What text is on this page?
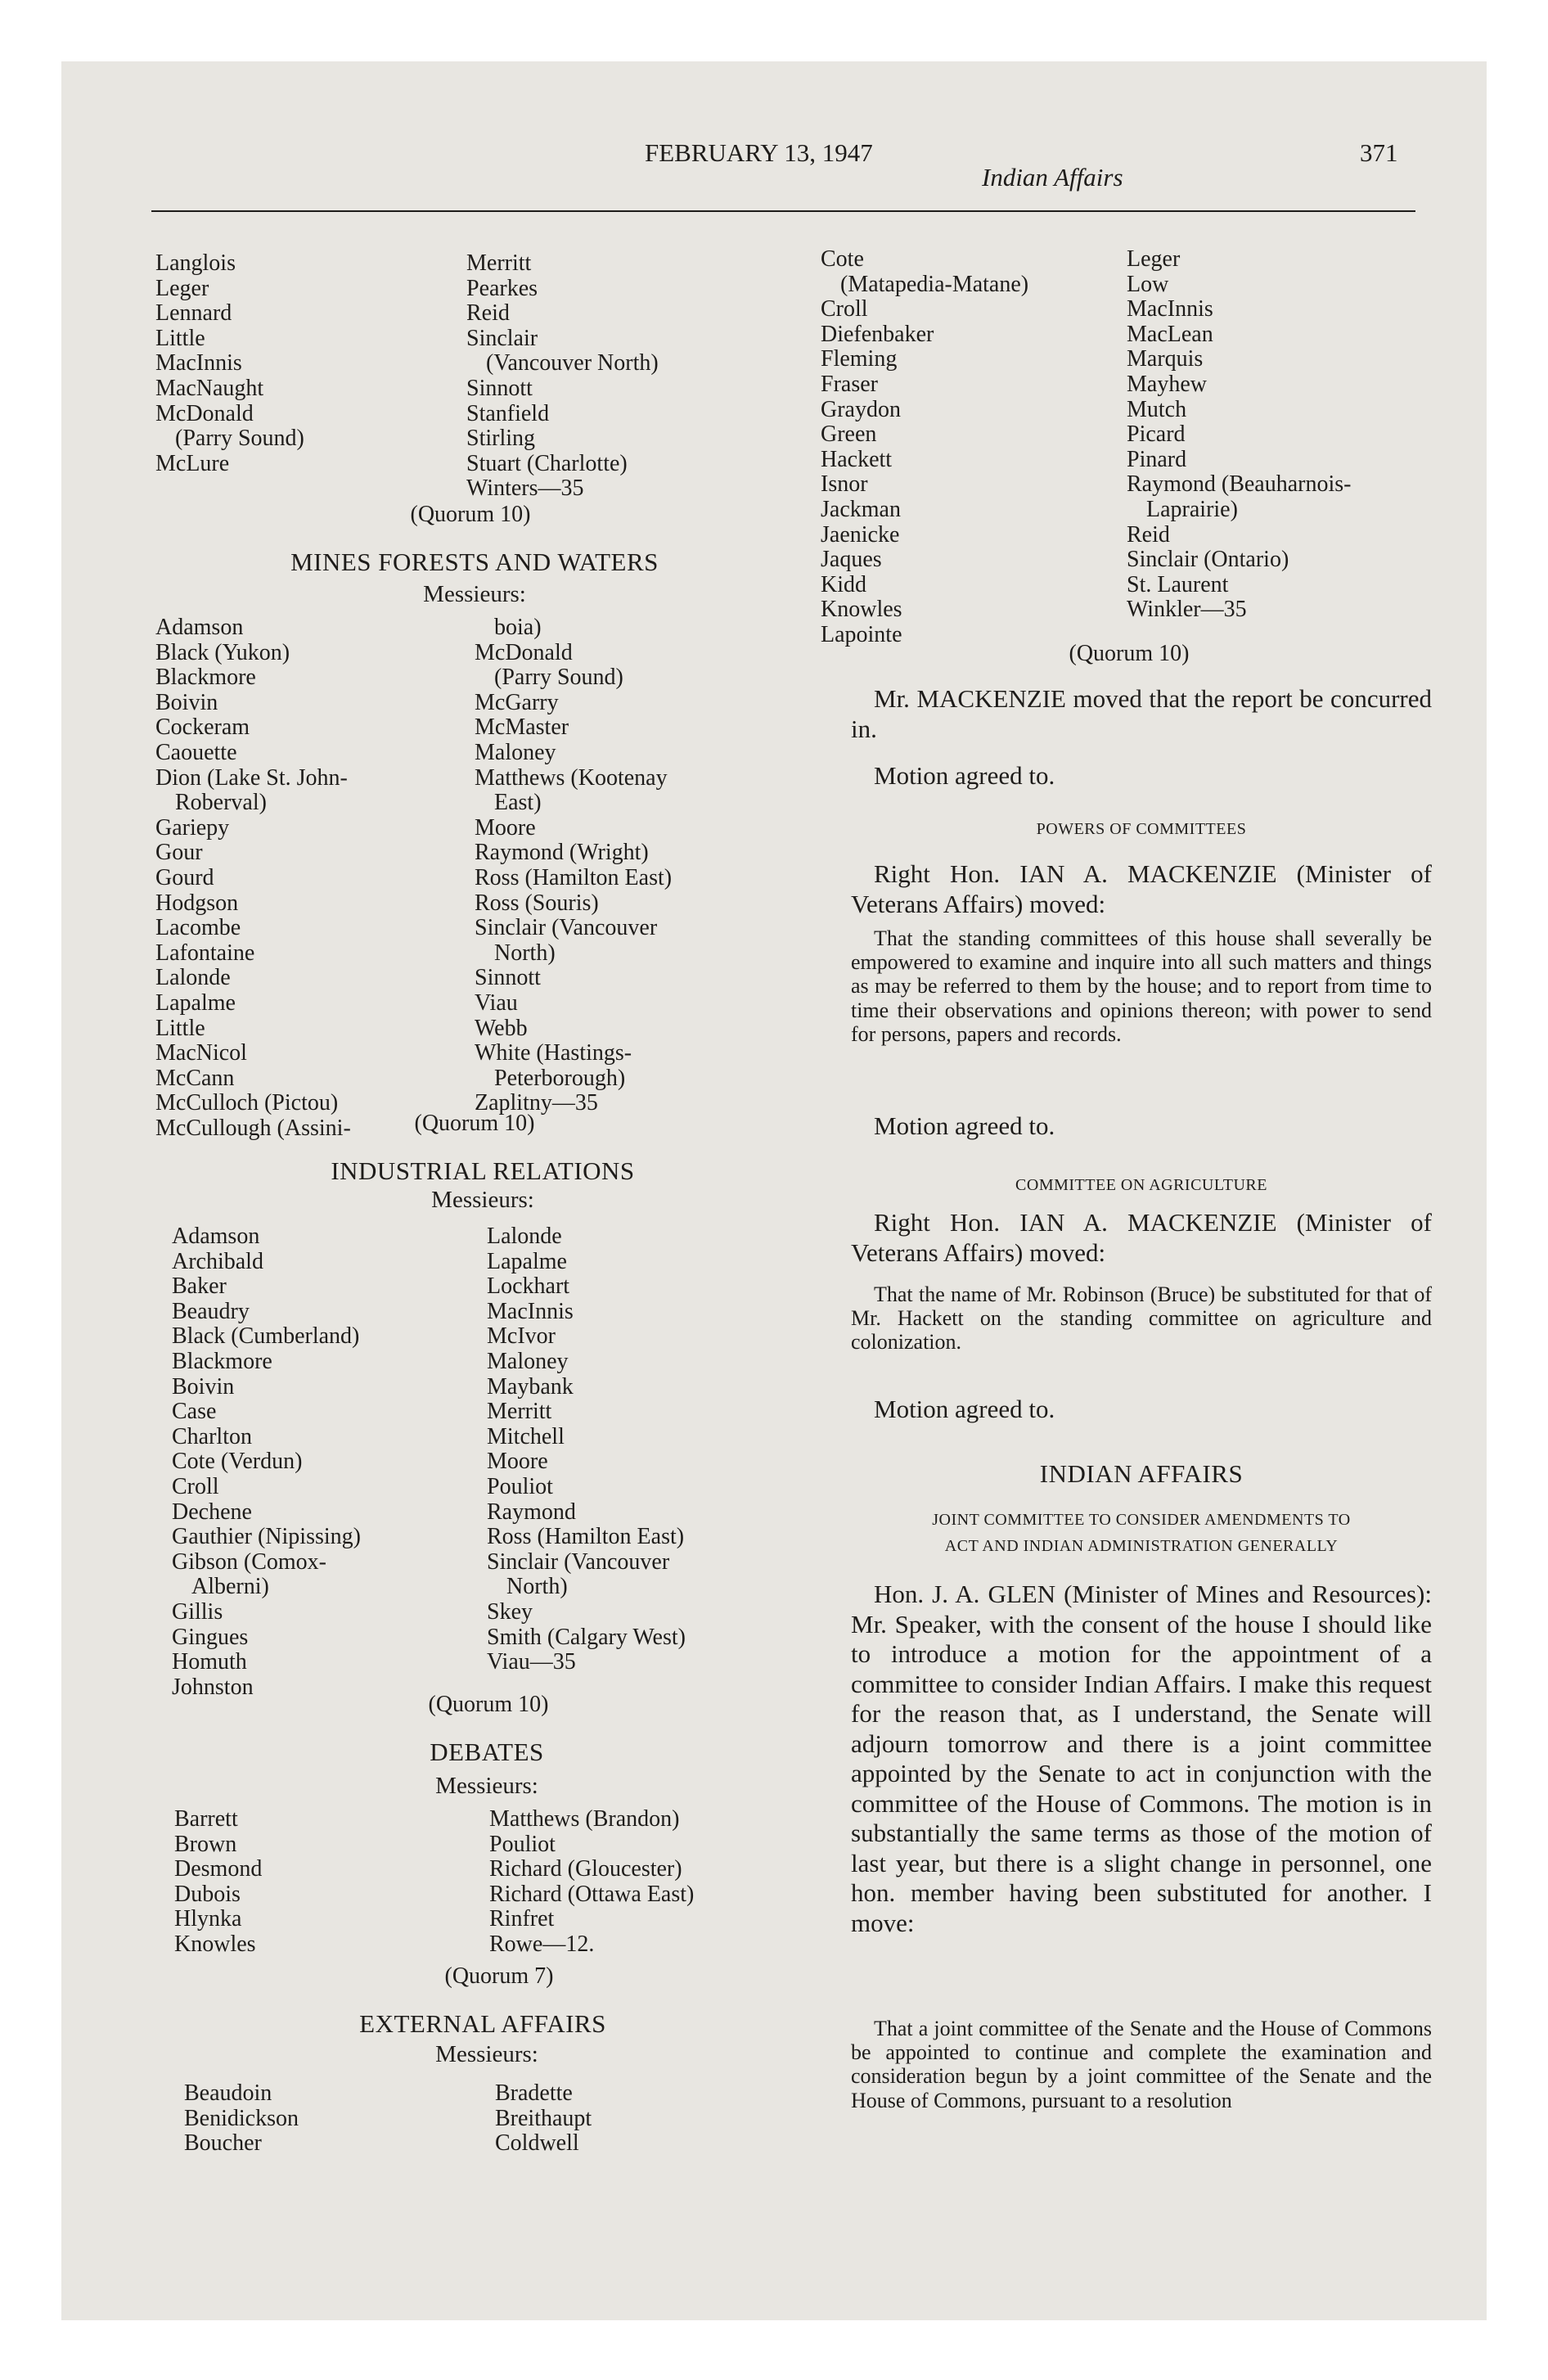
FEBRUARY 13, 1947
Indian Affairs
371
Langlois
Leger
Lennard
Little
MacInnis
MacNaught
McDonald
(Parry Sound)
McLure
Merritt
Pearkes
Reid
Sinclair
(Vancouver North)
Sinnott
Stanfield
Stirling
Stuart (Charlotte)
Winters—35
(Quorum 10)
MINES FORESTS AND WATERS
Messieurs:
Adamson
Black (Yukon)
Blackmore
Boivin
Cockeram
Caouette
Dion (Lake St. John-
Roberval)
Gariepy
Gour
Gourd
Hodgson
Lacombe
Lafontaine
Lalonde
Lapalme
Little
MacNicol
McCann
McCulloch (Pictou)
McCullough (Assini-
boia)
McDonald
(Parry Sound)
McGarry
McMaster
Maloney
Matthews (Kootenay
East)
Moore
Raymond (Wright)
Ross (Hamilton East)
Ross (Souris)
Sinclair (Vancouver
North)
Sinnott
Viau
Webb
White (Hastings-
Peterborough)
Zaplitny—35
(Quorum 10)
INDUSTRIAL RELATIONS
Messieurs:
Adamson
Archibald
Baker
Beaudry
Black (Cumberland)
Blackmore
Boivin
Case
Charlton
Cote (Verdun)
Croll
Dechene
Gauthier (Nipissing)
Gibson (Comox-
Alberni)
Gillis
Gingues
Homuth
Johnston
Lalonde
Lapalme
Lockhart
MacInnis
McIvor
Maloney
Maybank
Merritt
Mitchell
Moore
Pouliot
Raymond
Ross (Hamilton East)
Sinclair (Vancouver
North)
Skey
Smith (Calgary West)
Viau—35
(Quorum 10)
DEBATES
Messieurs:
Barrett
Brown
Desmond
Dubois
Hlynka
Knowles
Matthews (Brandon)
Pouliot
Richard (Gloucester)
Richard (Ottawa East)
Rinfret
Rowe—12.
(Quorum 7)
EXTERNAL AFFAIRS
Messieurs:
Beaudoin
Benidickson
Boucher
Bradette
Breithaupt
Coldwell
Cote
(Matapedia-Matane)
Croll
Diefenbaker
Fleming
Fraser
Graydon
Green
Hackett
Isnor
Jackman
Jaenicke
Jaques
Kidd
Knowles
Lapointe
Leger
Low
MacInnis
MacLean
Marquis
Mayhew
Mutch
Picard
Pinard
Raymond (Beauharnois-
Laprairie)
Reid
Sinclair (Ontario)
St. Laurent
Winkler—35
(Quorum 10)
Mr. MACKENZIE moved that the report be concurred in.
Motion agreed to.
POWERS OF COMMITTEES
Right Hon. IAN A. MACKENZIE (Minister of Veterans Affairs) moved:
That the standing committees of this house shall severally be empowered to examine and inquire into all such matters and things as may be referred to them by the house; and to report from time to time their observations and opinions thereon; with power to send for persons, papers and records.
Motion agreed to.
COMMITTEE ON AGRICULTURE
Right Hon. IAN A. MACKENZIE (Minister of Veterans Affairs) moved:
That the name of Mr. Robinson (Bruce) be substituted for that of Mr. Hackett on the standing committee on agriculture and colonization.
Motion agreed to.
INDIAN AFFAIRS
JOINT COMMITTEE TO CONSIDER AMENDMENTS TO
ACT AND INDIAN ADMINISTRATION GENERALLY
Hon. J. A. GLEN (Minister of Mines and Resources): Mr. Speaker, with the consent of the house I should like to introduce a motion for the appointment of a committee to consider Indian Affairs. I make this request for the reason that, as I understand, the Senate will adjourn tomorrow and there is a joint committee appointed by the Senate to act in conjunction with the committee of the House of Commons. The motion is in substantially the same terms as those of the motion of last year, but there is a slight change in personnel, one hon. member having been substituted for another. I move:
That a joint committee of the Senate and the House of Commons be appointed to continue and complete the examination and consideration begun by a joint committee of the Senate and the House of Commons, pursuant to a resolution
